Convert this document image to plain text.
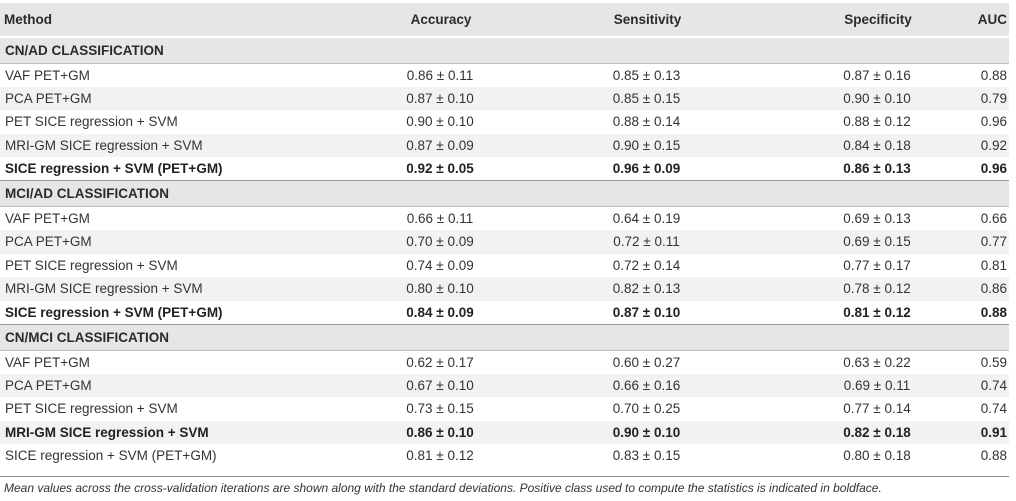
Method	Accuracy	Sensitivity	Specificity	AUC
CN/AD CLASSIFICATION				
VAF PET+GM	0.86 ± 0.11	0.85 ± 0.13	0.87 ± 0.16	0.88
PCA PET+GM	0.87 ± 0.10	0.85 ± 0.15	0.90 ± 0.10	0.79
PET SICE regression + SVM	0.90 ± 0.10	0.88 ± 0.14	0.88 ± 0.12	0.96
MRI-GM SICE regression + SVM	0.87 ± 0.09	0.90 ± 0.15	0.84 ± 0.18	0.92
SICE regression + SVM (PET+GM)	0.92 ± 0.05	0.96 ± 0.09	0.86 ± 0.13	0.96
MCI/AD CLASSIFICATION				
VAF PET+GM	0.66 ± 0.11	0.64 ± 0.19	0.69 ± 0.13	0.66
PCA PET+GM	0.70 ± 0.09	0.72 ± 0.11	0.69 ± 0.15	0.77
PET SICE regression + SVM	0.74 ± 0.09	0.72 ± 0.14	0.77 ± 0.17	0.81
MRI-GM SICE regression + SVM	0.80 ± 0.10	0.82 ± 0.13	0.78 ± 0.12	0.86
SICE regression + SVM (PET+GM)	0.84 ± 0.09	0.87 ± 0.10	0.81 ± 0.12	0.88
CN/MCI CLASSIFICATION				
VAF PET+GM	0.62 ± 0.17	0.60 ± 0.27	0.63 ± 0.22	0.59
PCA PET+GM	0.67 ± 0.10	0.66 ± 0.16	0.69 ± 0.11	0.74
PET SICE regression + SVM	0.73 ± 0.15	0.70 ± 0.25	0.77 ± 0.14	0.74
MRI-GM SICE regression + SVM	0.86 ± 0.10	0.90 ± 0.10	0.82 ± 0.18	0.91
SICE regression + SVM (PET+GM)	0.81 ± 0.12	0.83 ± 0.15	0.80 ± 0.18	0.88
Mean values across the cross-validation iterations are shown along with the standard deviations. Positive class used to compute the statistics is indicated in boldface.
